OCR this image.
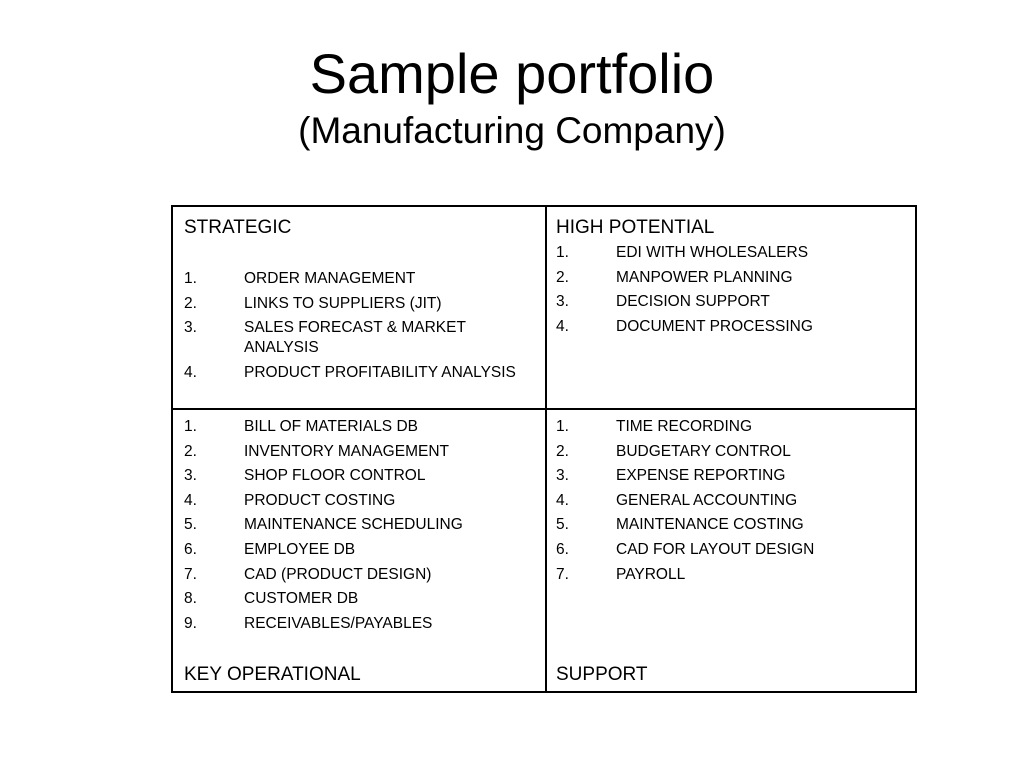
Sample portfolio
(Manufacturing Company)
STRATEGIC
1.	ORDER MANAGEMENT
2.	LINKS TO SUPPLIERS (JIT)
3.	SALES FORECAST & MARKET ANALYSIS
4.	PRODUCT PROFITABILITY ANALYSIS
HIGH POTENTIAL
1.	EDI WITH WHOLESALERS
2.	MANPOWER PLANNING
3.	DECISION SUPPORT
4.	DOCUMENT PROCESSING
1.	BILL OF MATERIALS DB
2.	INVENTORY MANAGEMENT
3.	SHOP FLOOR CONTROL
4.	PRODUCT COSTING
5.	MAINTENANCE SCHEDULING
6.	EMPLOYEE DB
7.	CAD (PRODUCT DESIGN)
8.	CUSTOMER DB
9.	RECEIVABLES/PAYABLES
KEY OPERATIONAL
1.	TIME RECORDING
2.	BUDGETARY CONTROL
3.	EXPENSE REPORTING
4.	GENERAL ACCOUNTING
5.	MAINTENANCE COSTING
6.	CAD FOR LAYOUT DESIGN
7.	PAYROLL
SUPPORT
